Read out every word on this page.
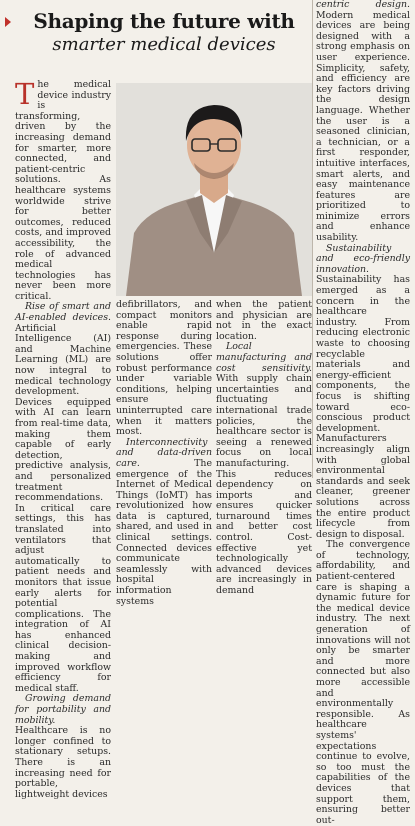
Shaping the future with
smarter medical devices

The medical device industry is transforming, driven by the increasing demand for smarter, more connected, and patient-centric solutions. As healthcare systems worldwide strive for better outcomes, reduced costs, and improved accessibility, the role of advanced medical technologies has never been more critical.

Rise of smart and AI-enabled devices. Artificial Intelligence (AI) and Machine Learning (ML) are now integral to medical technology development. Devices equipped with AI can learn from real-time data, making them capable of early detection, predictive analysis, and personalized treatment recommendations. In critical care settings, this has translated into ventilators that adjust automatically to patient needs and monitors that issue early alerts for potential complications. The integration of AI has enhanced clinical decision-making and improved workflow efficiency for medical staff.

Growing demand for portability and mobility. Healthcare is no longer confined to stationary setups. There is an increasing need for portable, lightweight devices

defibrillators, and compact monitors enable rapid response during emergencies. These solutions offer robust performance under variable conditions, helping ensure uninterrupted care when it matters most.

Interconnectivity and data-driven care. The emergence of the Internet of Medical Things (IoMT) has revolutionized how data is captured, shared, and used in clinical settings. Connected devices communicate seamlessly with hospital information systems

when the patient and physician are not in the exact location.

Local manufacturing and cost sensitivity. With supply chain uncertainties and fluctuating international trade policies, the healthcare sector is seeing a renewed focus on local manufacturing. This reduces dependency on imports and ensures quicker turnaround times and better cost control. Cost-effective yet technologically advanced devices are increasingly in demand

centric design. Modern medical devices are being designed with a strong emphasis on user experience. Simplicity, safety, and efficiency are key factors driving the design language. Whether the user is a seasoned clinician, a technician, or a first responder, intuitive interfaces, smart alerts, and easy maintenance features are prioritized to minimize errors and enhance usability.

Sustainability and eco-friendly innovation. Sustainability has emerged as a concern in the healthcare industry. From reducing electronic waste to choosing recyclable materials and energy-efficient components, the focus is shifting toward eco-conscious product development. Manufacturers increasingly align with global environmental standards and seek cleaner, greener solutions across the entire product lifecycle from design to disposal.

The convergence of technology, affordability, and patient-centered care is shaping a dynamic future for the medical device industry. The next generation of innovations will not only be smarter and more connected but also more accessible and environmentally responsible. As healthcare systems' expectations continue to evolve, so too must the capabilities of the devices that support them, ensuring better out-
